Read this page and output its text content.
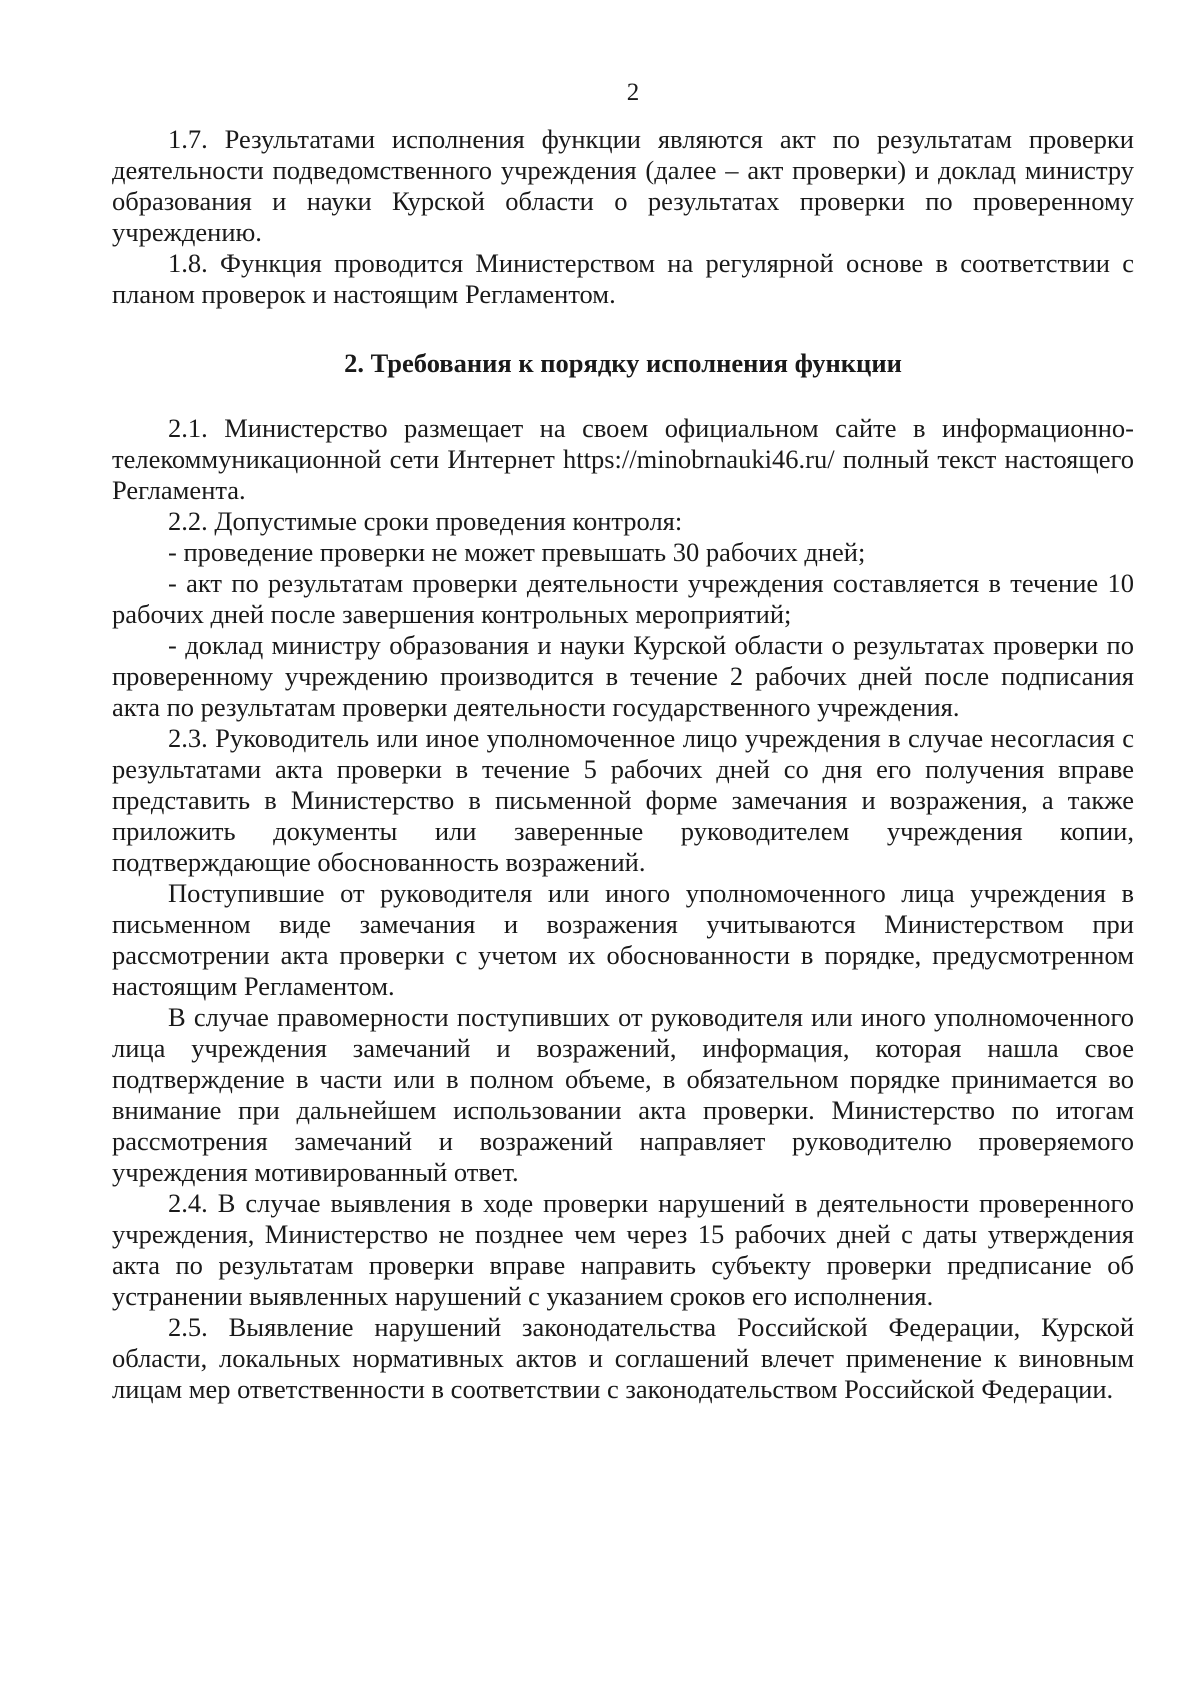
2

1.7. Результатами исполнения функции являются акт по результатам проверки деятельности подведомственного учреждения (далее – акт проверки) и доклад министру образования и науки Курской области о результатах проверки по проверенному учреждению.

1.8. Функция проводится Министерством на регулярной основе в соответствии с планом проверок и настоящим Регламентом.

2. Требования к порядку исполнения функции

2.1. Министерство размещает на своем официальном сайте в информационно-телекоммуникационной сети Интернет https://minobrnauki46.ru/ полный текст настоящего Регламента.

2.2. Допустимые сроки проведения контроля:

- проведение проверки не может превышать 30 рабочих дней;

- акт по результатам проверки деятельности учреждения составляется в течение 10 рабочих дней после завершения контрольных мероприятий;

- доклад министру образования и науки Курской области о результатах проверки по проверенному учреждению производится в течение 2 рабочих дней после подписания акта по результатам проверки деятельности государственного учреждения.

2.3. Руководитель или иное уполномоченное лицо учреждения в случае несогласия с результатами акта проверки в течение 5 рабочих дней со дня его получения вправе представить в Министерство в письменной форме замечания и возражения, а также приложить документы или заверенные руководителем учреждения копии, подтверждающие обоснованность возражений.

Поступившие от руководителя или иного уполномоченного лица учреждения в письменном виде замечания и возражения учитываются Министерством при рассмотрении акта проверки с учетом их обоснованности в порядке, предусмотренном настоящим Регламентом.

В случае правомерности поступивших от руководителя или иного уполномоченного лица учреждения замечаний и возражений, информация, которая нашла свое подтверждение в части или в полном объеме, в обязательном порядке принимается во внимание при дальнейшем использовании акта проверки. Министерство по итогам рассмотрения замечаний и возражений направляет руководителю проверяемого учреждения мотивированный ответ.

2.4. В случае выявления в ходе проверки нарушений в деятельности проверенного учреждения, Министерство не позднее чем через 15 рабочих дней с даты утверждения акта по результатам проверки вправе направить субъекту проверки предписание об устранении выявленных нарушений с указанием сроков его исполнения.

2.5. Выявление нарушений законодательства Российской Федерации, Курской области, локальных нормативных актов и соглашений влечет применение к виновным лицам мер ответственности в соответствии с законодательством Российской Федерации.
